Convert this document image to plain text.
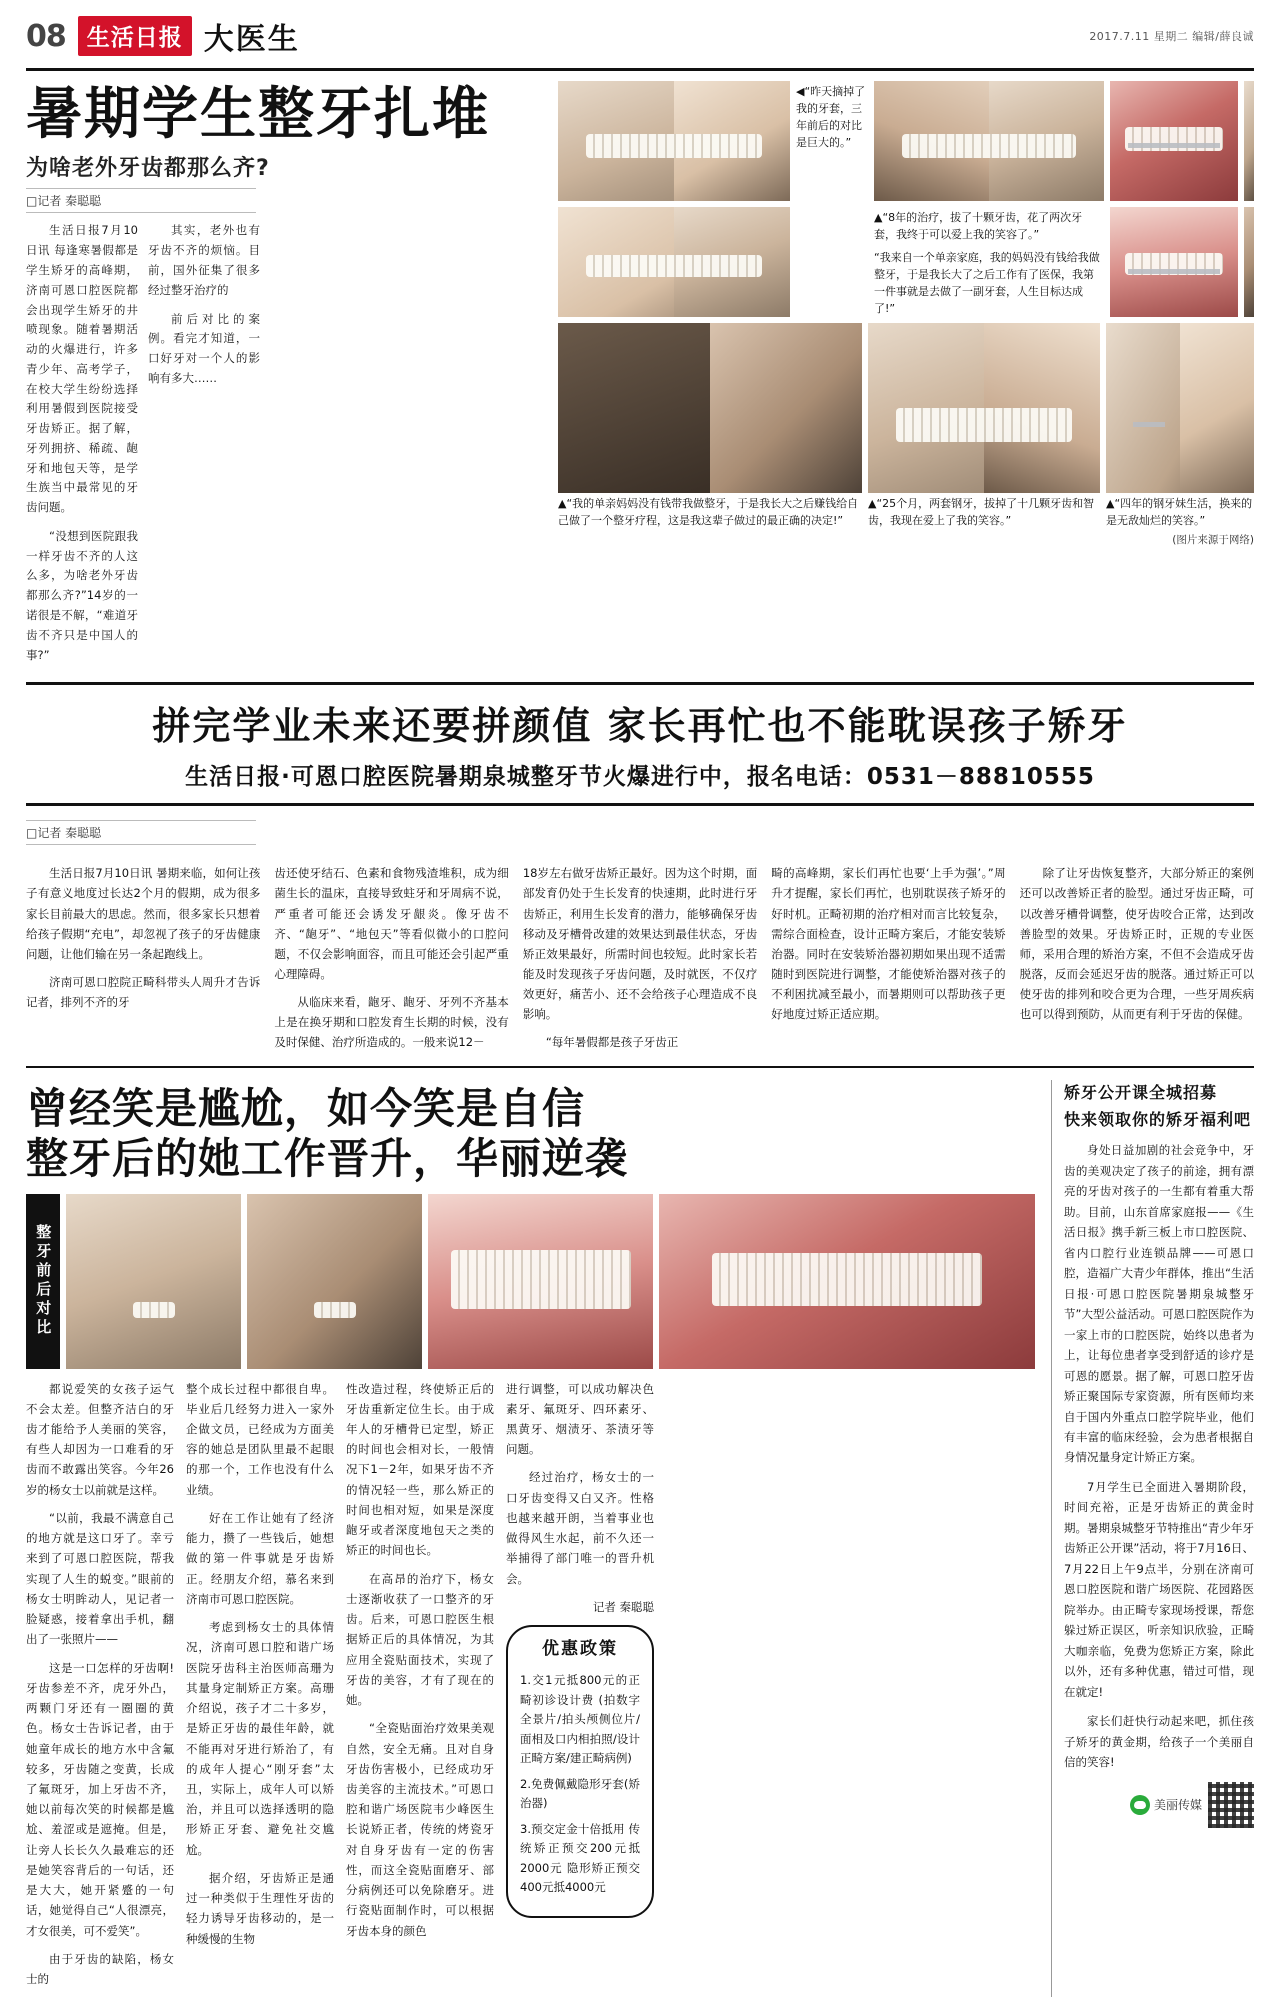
08 生活日报 大医生	2017.7.11 星期二 编辑/薛良诚
暑期学生整牙扎堆
为啥老外牙齿都那么齐?
□记者 秦聪聪

生活日报7月10日讯 每逢寒暑假都是学生矫牙的高峰期，济南可恩口腔医院都会出现学生矫牙的井喷现象。随着暑期活动的火爆进行，许多青少年、高考学子，在校大学生纷纷选择利用暑假到医院接受牙齿矫正。据了解，牙列拥挤、稀疏、龅牙和地包天等，是学生族当中最常见的牙齿问题。

“没想到医院跟我一样牙齿不齐的人这么多，为啥老外牙齿都那么齐?”14岁的一诺很是不解，“难道牙齿不齐只是中国人的事?”

其实，老外也有牙齿不齐的烦恼。目前，国外征集了很多经过整牙治疗的

前后对比的案例。看完才知道，一口好牙对一个人的影响有多大……

◀“昨天摘掉了我的牙套，三年前后的对比是巨大的。”
▲“8年的治疗，拔了十颗牙齿，花了两次牙套，我终于可以爱上我的笑容了。”
“我来自一个单亲家庭，我的妈妈没有钱给我做整牙，于是我长大了之后工作有了医保，我第一件事就是去做了一副牙套，人生目标达成了!”
▲“我的单亲妈妈没有钱带我做整牙，于是我长大之后赚钱给自己做了一个整牙疗程，这是我这辈子做过的最正确的决定!”
▲“25个月，两套钢牙，拔掉了十几颗牙齿和智齿，我现在爱上了我的笑容。”
▲“四年的钢牙妹生活，换来的是无敌灿烂的笑容。”
(图片来源于网络)
拼完学业未来还要拼颜值 家长再忙也不能耽误孩子矫牙
生活日报·可恩口腔医院暑期泉城整牙节火爆进行中，报名电话：0531－88810555
□记者 秦聪聪

生活日报7月10日讯 暑期来临，如何让孩子有意义地度过长达2个月的假期，成为很多家长目前最大的思虑。然而，很多家长只想着给孩子假期“充电”，却忽视了孩子的牙齿健康问题，让他们输在另一条起跑线上。

济南可恩口腔院正畸科带头人周升才告诉记者，排列不齐的牙

齿还使牙结石、色素和食物残渣堆积，成为细菌生长的温床，直接导致蛀牙和牙周病不说，严重者可能还会诱发牙龈炎。像牙齿不齐、“龅牙”、“地包天”等看似微小的口腔问题，不仅会影响面容，而且可能还会引起严重心理障碍。

从临床来看，龅牙、龅牙、牙列不齐基本上是在换牙期和口腔发育生长期的时候，没有及时保健、治疗所造成的。一般来说12－

18岁左右做牙齿矫正最好。因为这个时期，面部发育仍处于生长发育的快速期，此时进行牙齿矫正，利用生长发育的潜力，能够确保牙齿移动及牙槽骨改建的效果达到最佳状态，牙齿矫正效果最好，所需时间也较短。此时家长若能及时发现孩子牙齿问题，及时就医，不仅疗效更好，痛苦小、还不会给孩子心理造成不良影响。

“每年暑假都是孩子牙齿正

畸的高峰期，家长们再忙也要‘上手为强’。”周升才提醒，家长们再忙，也别耽误孩子矫牙的好时机。正畸初期的治疗相对而言比较复杂，需综合面检查，设计正畸方案后，才能安装矫治器。同时在安装矫治器初期如果出现不适需随时到医院进行调整，才能使矫治器对孩子的不利困扰减至最小，而暑期则可以帮助孩子更好地度过矫正适应期。

除了让牙齿恢复整齐，大部分矫正的案例还可以改善矫正者的脸型。通过牙齿正畸，可以改善牙槽骨调整，使牙齿咬合正常，达到改善脸型的效果。牙齿矫正时，正规的专业医师，采用合理的矫治方案，不但不会造成牙齿脱落，反而会延迟牙齿的脱落。通过矫正可以使牙齿的排列和咬合更为合理，一些牙周疾病也可以得到预防，从而更有利于牙齿的保健。

曾经笑是尴尬，如今笑是自信
整牙后的她工作晋升，华丽逆袭
整牙前后对比

都说爱笑的女孩子运气不会太差。但整齐洁白的牙齿才能给予人美丽的笑容，有些人却因为一口难看的牙齿而不敢露出笑容。今年26岁的杨女士以前就是这样。

“以前，我最不满意自己的地方就是这口牙了。幸亏来到了可恩口腔医院，帮我实现了人生的蜕变。”眼前的杨女士明眸动人，见记者一脸疑惑，接着拿出手机，翻出了一张照片——

这是一口怎样的牙齿啊!牙齿参差不齐，虎牙外凸，两颗门牙还有一圈圈的黄色。杨女士告诉记者，由于她童年成长的地方水中含氟较多，牙齿随之变黄，长成了氟斑牙，加上牙齿不齐，她以前每次笑的时候都是尴尬、羞涩或是遮掩。但是，让旁人长长久久最难忘的还是她笑容背后的一句话，还是大大，她开紧蹙的一句话，她觉得自己“人很漂亮，才女很美，可不爱笑”。

由于牙齿的缺陷，杨女士的

整个成长过程中都很自卑。毕业后几经努力进入一家外企做文员，已经成为方面美容的她总是团队里最不起眼的那一个，工作也没有什么业绩。

好在工作让她有了经济能力，攒了一些钱后，她想做的第一件事就是牙齿矫正。经朋友介绍，慕名来到济南市可恩口腔医院。

考虑到杨女士的具体情况，济南可恩口腔和谐广场医院牙齿科主治医师高珊为其量身定制矫正方案。高珊介绍说，孩子才二十多岁，是矫正牙齿的最佳年龄，就不能再对牙进行矫治了，有的成年人提心“刚牙套”太丑，实际上，成年人可以矫治，并且可以选择透明的隐形矫正牙套、避免社交尴尬。

据介绍，牙齿矫正是通过一种类似于生理性牙齿的轻力诱导牙齿移动的，是一种缓慢的生物

性改造过程，终使矫正后的牙齿重新定位生长。由于成年人的牙槽骨已定型，矫正的时间也会相对长，一般情况下1－2年，如果牙齿不齐的情况轻一些，那么矫正的时间也相对短，如果是深度龅牙或者深度地包天之类的矫正的时间也长。

在高昂的治疗下，杨女士逐渐收获了一口整齐的牙齿。后来，可恩口腔医生根据矫正后的具体情况，为其应用全瓷贴面技术，实现了牙齿的美容，才有了现在的她。

“全瓷贴面治疗效果美观自然，安全无痛。且对自身牙齿伤害极小，已经成功牙齿美容的主流技术。”可恩口腔和谐广场医院韦少峰医生长说矫正者，传统的烤瓷牙对自身牙齿有一定的伤害性，而这全瓷贴面磨牙、部分病例还可以免除磨牙。进行瓷贴面制作时，可以根据牙齿本身的颜色

进行调整，可以成功解决色素牙、氟斑牙、四环素牙、黑黄牙、烟渍牙、茶渍牙等问题。

经过治疗，杨女士的一口牙齿变得又白又齐。性格也越来越开朗，当着事业也做得风生水起，前不久还一举捕得了部门唯一的晋升机会。

记者 秦聪聪

优惠政策

1.交1元抵800元的正畸初诊设计费 (拍数字全景片/拍头颅侧位片/面相及口内相拍照/设计正畸方案/建正畸病例)

2.免费佩戴隐形牙套(矫治器)

3.预交定金十倍抵用 传统矫正预交200元抵2000元 隐形矫正预交400元抵4000元

矫牙公开课全城招募
快来领取你的矫牙福利吧

身处日益加剧的社会竞争中，牙齿的美观决定了孩子的前途，拥有漂亮的牙齿对孩子的一生都有着重大帮助。目前，山东首席家庭报——《生活日报》携手新三板上市口腔医院、省内口腔行业连锁品牌——可恩口腔，造福广大青少年群体，推出“生活日报·可恩口腔医院暑期泉城整牙节”大型公益活动。可恩口腔医院作为一家上市的口腔医院，始终以患者为上，让每位患者享受到舒适的诊疗是可恩的愿景。据了解，可恩口腔牙齿矫正聚国际专家资源，所有医师均来自于国内外重点口腔学院毕业，他们有丰富的临床经验，会为患者根据自身情况量身定计矫正方案。

7月学生已全面进入暑期阶段，时间充裕，正是牙齿矫正的黄金时期。暑期泉城整牙节特推出“青少年牙齿矫正公开课”活动，将于7月16日、7月22日上午9点半，分别在济南可恩口腔医院和谐广场医院、花园路医院举办。由正畸专家现场授课，帮您躲过矫正误区，听亲知识欣验，正畸大咖亲临，免费为您矫正方案，除此以外，还有多种优惠，错过可惜，现在就定!

家长们赶快行动起来吧，抓住孩子矫牙的黄金期，给孩子一个美丽自信的笑容!

美丽传媒
